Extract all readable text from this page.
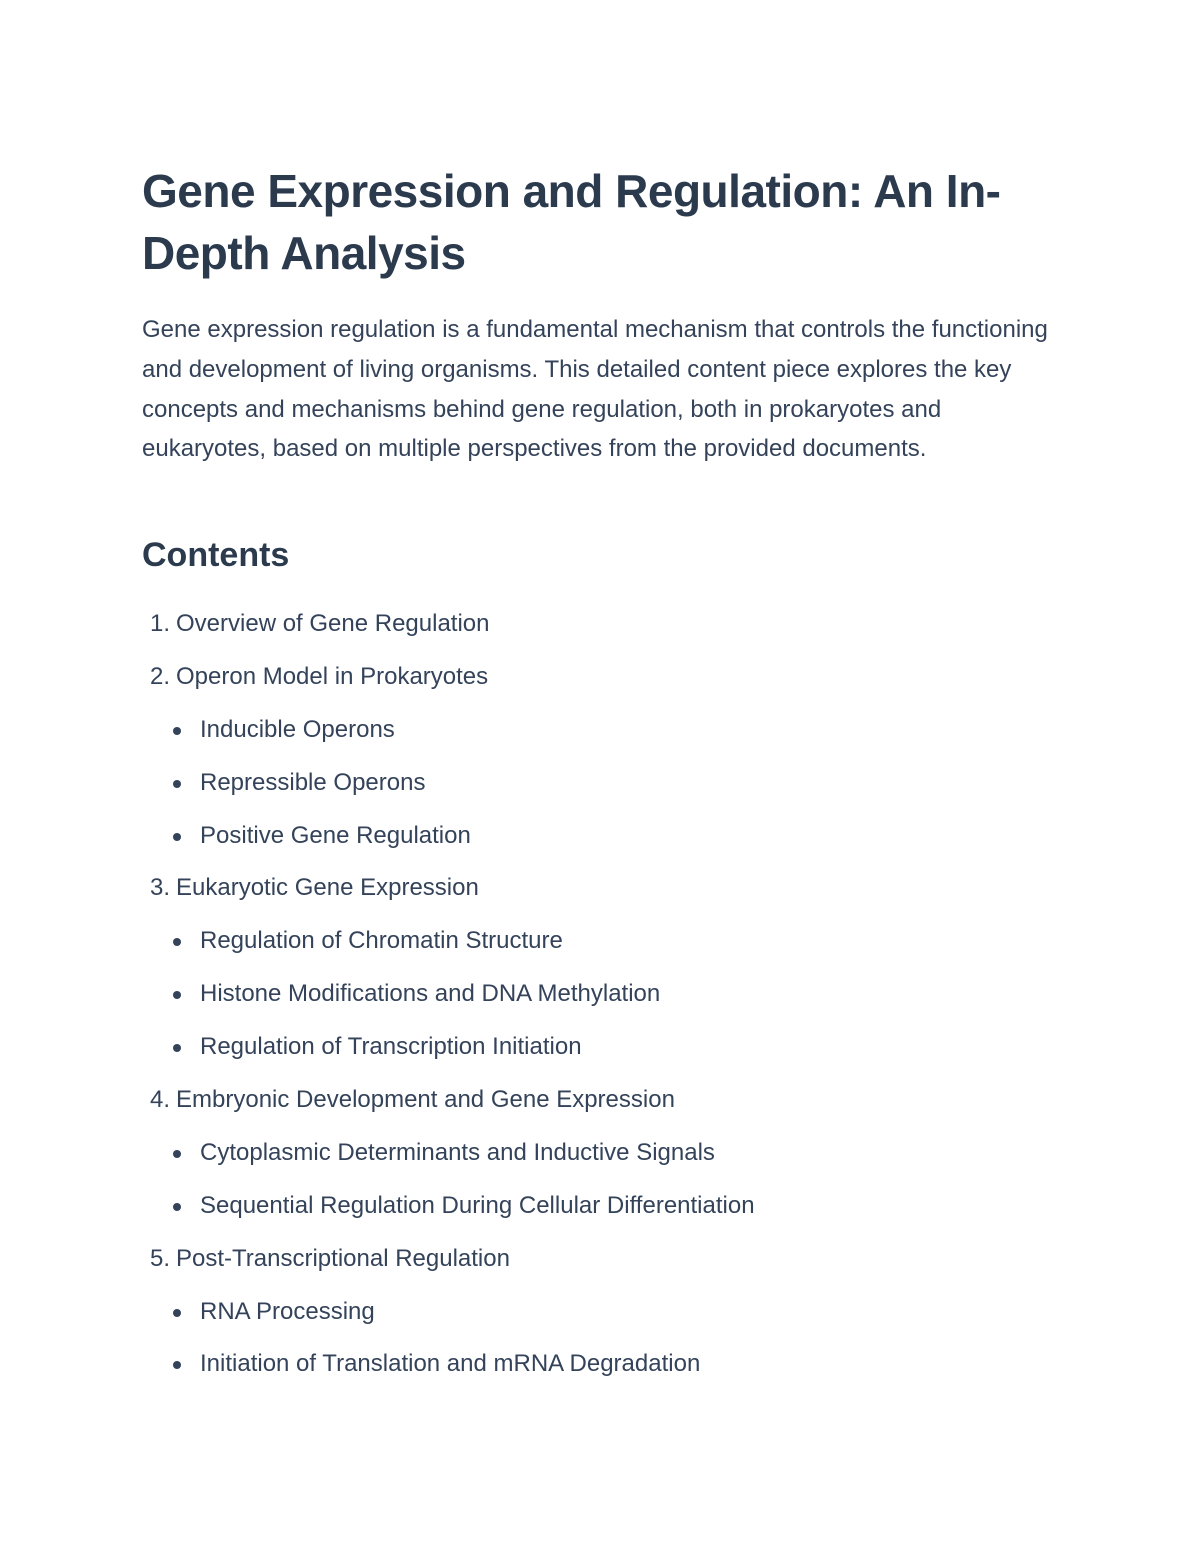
Gene Expression and Regulation: An In-Depth Analysis

Gene expression regulation is a fundamental mechanism that controls the functioning and development of living organisms. This detailed content piece explores the key concepts and mechanisms behind gene regulation, both in prokaryotes and eukaryotes, based on multiple perspectives from the provided documents.

Contents
1. Overview of Gene Regulation
2. Operon Model in Prokaryotes
Inducible Operons
Repressible Operons
Positive Gene Regulation
3. Eukaryotic Gene Expression
Regulation of Chromatin Structure
Histone Modifications and DNA Methylation
Regulation of Transcription Initiation
4. Embryonic Development and Gene Expression
Cytoplasmic Determinants and Inductive Signals
Sequential Regulation During Cellular Differentiation
5. Post-Transcriptional Regulation
RNA Processing
Initiation of Translation and mRNA Degradation
